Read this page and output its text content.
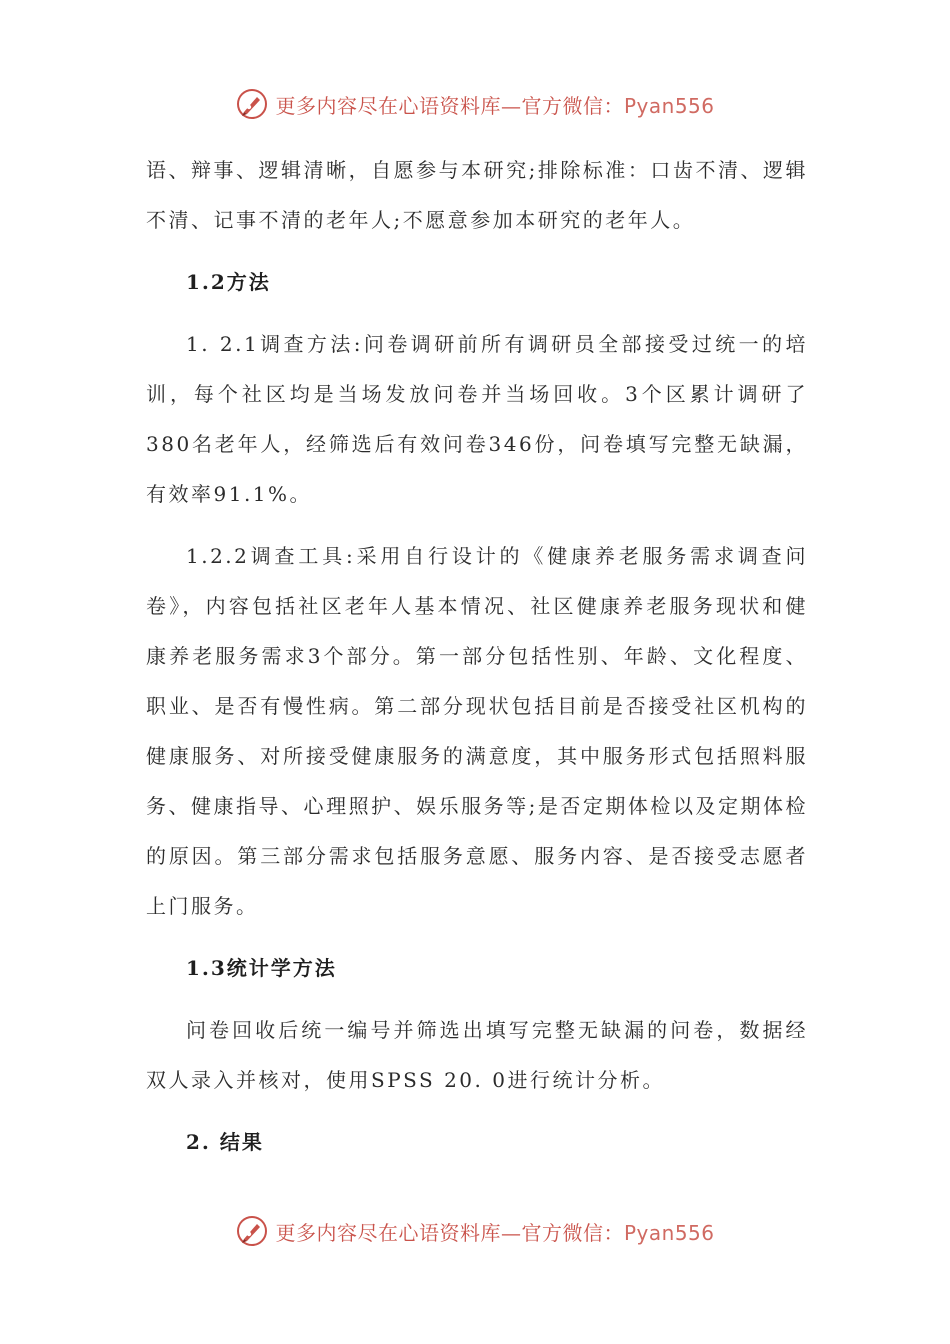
更多内容尽在心语资料库—官方微信：Pyan556

语、辩事、逻辑清晰，自愿参与本研究;排除标准：口齿不清、逻辑不清、记事不清的老年人;不愿意参加本研究的老年人。

1.2方法

1. 2.1调查方法:问卷调研前所有调研员全部接受过统一的培训，每个社区均是当场发放问卷并当场回收。3个区累计调研了 380名老年人，经筛选后有效问卷346份，问卷填写完整无缺漏，有效率91.1%。

1.2.2调查工具:采用自行设计的《健康养老服务需求调查问卷》，内容包括社区老年人基本情况、社区健康养老服务现状和健康养老服务需求3个部分。第一部分包括性别、年龄、文化程度、职业、是否有慢性病。第二部分现状包括目前是否接受社区机构的健康服务、对所接受健康服务的满意度，其中服务形式包括照料服务、健康指导、心理照护、娱乐服务等;是否定期体检以及定期体检的原因。第三部分需求包括服务意愿、服务内容、是否接受志愿者上门服务。

1.3统计学方法

问卷回收后统一编号并筛选出填写完整无缺漏的问卷，数据经双人录入并核对，使用SPSS 20. 0进行统计分析。

2. 结果

更多内容尽在心语资料库—官方微信：Pyan556
